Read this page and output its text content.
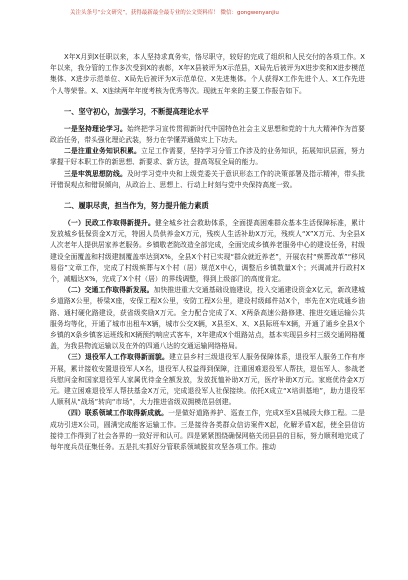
关注头条号“公文研究”，获得最新最全最专业的公文资料库！ 微信：gongwenyanjiu

X年X月到X任职以来，本人坚持求真务实，恪尽职守，较好的完成了组织和人民交付的各项工作。X年以来，我分管的工作多次受到X的表彰，X年X县被评为X示范县，X局先后被评为X进步奖和X进步模范集体、X进步示范单位、X局先后被评为X示范单位、X先进集体。个人获得X工作先进个人、X工作先进个人等荣誉。X、X连续两年年度考核为优秀等次。现就五年来的主要工作报告如下。

一、坚守初心，加强学习，不断提高理论水平

一是坚持理论学习。始终把学习宣传贯彻新时代中国特色社会主义思想和党的十九大精神作为首要政治任务，带头强化理论武装，努力在学懂弄通做实上下功夫。

二是注重业务知识积累。立足工作需要，坚持学习分管工作涉及的业务知识，拓展知识层面，努力掌握干好本职工作的新思想、新要求、新方法，提高驾驭全局的能力。

三是牢筑思想防线。及时学习党中央和上级党委关于意识形态工作的决策部署及指示精神，带头批评错误观点和错误倾向，从政治上、思想上、行动上时刻与党中央保持高度一致。

二、履职尽责，担当作为，努力提升能力素质

（一）民政工作取得新提升。健全城乡社会救助体系，全面提高困难群众基本生活保障标准，累计发放城乡低保资金X万元，特困人员供养金X万元，残疾人生活补助X万元，残疾人“X”X万元、为全县X人次老年人提供居家养老服务。乡镇敬老院改造全部完成，全面完成乡镇养老服务中心的建设任务，村级建设全面覆盖和村级建制覆盖率达到X%，全县X个村已实现“群众就近养老”，开展农村“殡葬改革”“移风易俗”文章工作，完成了村级殡葬与X个村（居）规范X中心，调整后乡镇数量X个；兴调减并行政村X个，减幅达X%，完成了X个村（居）的界线调整，得到上级部门的高度肯定。

（二）交通工作取得新发展。加快推进重大交通基础设施建设，投入交通建设资金X亿元，新改建城乡道路X公里，桥梁X座，安保工程X公里，安防工程X公里，建设村级邮件站X个，率先在X完成通乡油路、通村硬化路建设，获省级奖励X万元。全力配合完成了X、X两条高速公路修建、推进交通运输公共服务均等化，开通了城市出租车X辆，城市公交X辆，X县至X、X、X县际班车X辆，开通了通乡全县X个乡镇的X条乡镇客运班线和X辆预约响应式客车，X年建成X个组路站点，基本实现县乡村三级交通网格覆盖，为我县物流运输以及在外的四通八达的交通运输网络格局。

（三）退役军人工作取得新面貌。建立县乡村三级退役军人服务保障体系，退役军人服务工作有序开展，累计接收安置退役军人X名，退役军人权益得到保障，注重困难退役军人帮扶，退伍军人、参战老兵慰问金和国家退役军人家属优待金全额发放，发放抚恤补助X万元，医疗补助X万元。家庭优待金X万元。建立困难退役军人帮扶基金X万元，完成退役军人社保接续。依托X成立“X培训基地”，助力退役军人顺利从“战场”转向“市场”，大力推进省级双拥模范县创建。

（四）联系领域工作取得新成就。一是做好道路养护、巡查工作，完成X至X县城段大修工程。二是成功引进X公司，圆满完成能客运输工作。三是接待各类群众信访案件X起，化解矛盾X起，使全县信访接待工作得到了社会各界的一致好评和认可。四是紧紧围绕确保网格关闭县县的目标，努力顺利地完成了每年度兵员征集任务。五是扎实抓好分管联系领域脱贫攻坚各项工作。推动
